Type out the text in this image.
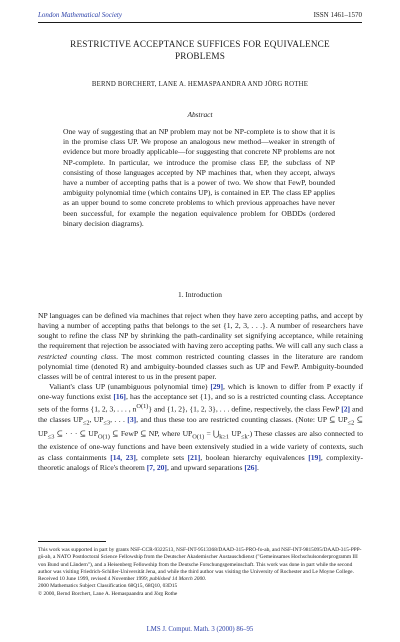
London Mathematical Society	ISSN 1461–1570
RESTRICTIVE ACCEPTANCE SUFFICES FOR EQUIVALENCE
PROBLEMS
BERND BORCHERT, LANE A. HEMASPAANDRA AND JÖRG ROTHE
Abstract
One way of suggesting that an NP problem may not be NP-complete is to show that it is in the promise class UP. We propose an analogous new method—weaker in strength of evidence but more broadly applicable—for suggesting that concrete NP problems are not NP-complete. In particular, we introduce the promise class EP, the subclass of NP consisting of those languages accepted by NP machines that, when they accept, always have a number of accepting paths that is a power of two. We show that FewP, bounded ambiguity polynomial time (which contains UP), is contained in EP. The class EP applies as an upper bound to some concrete problems to which previous approaches have never been successful, for example the negation equivalence problem for OBDDs (ordered binary decision diagrams).
1. Introduction

NP languages can be defined via machines that reject when they have zero accepting paths, and accept by having a number of accepting paths that belongs to the set {1, 2, 3, . . .}. A number of researchers have sought to refine the class NP by shrinking the path-cardinality set signifying acceptance, while retaining the requirement that rejection be associated with having zero accepting paths. We will call any such class a restricted counting class. The most common restricted counting classes in the literature are random polynomial time (denoted R) and ambiguity-bounded classes such as UP and FewP. Ambiguity-bounded classes will be of central interest to us in the present paper.

Valiant's class UP (unambiguous polynomial time) [29], which is known to differ from P exactly if one-way functions exist [16], has the acceptance set {1}, and so is a restricted counting class. Acceptance sets of the forms {1, 2, 3, . . . , $n^{O(1)}$} and {1, 2}, {1, 2, 3}, . . . define, respectively, the class FewP [2] and the classes $UP_{\le 2}$, $UP_{\le 3}$, . . . [3], and thus these too are restricted counting classes. (Note: UP ⊆ $UP_{\le 2}$ ⊆ $UP_{\le 3}$ ⊆ · · · ⊆ $UP_{O(1)}$ ⊆ FewP ⊆ NP, where $UP_{O(1)}$ = $⋃_{k\ge 1}$ $UP_{\le k}$.) These classes are also connected to the existence of one-way functions and have been extensively studied in a wide variety of contexts, such as class containments [14, 23], complete sets [21], boolean hierarchy equivalences [19], complexity-theoretic analogs of Rice's theorem [7, 20], and upward separations [26].

This work was supported in part by grants NSF-CCR-9322513, NSF-INT-9513368/DAAD-315-PRO-fo-ab, and NSF-INT-9815095/DAAD-315-PPP-gü-ab, a NATO Postdoctoral Science Fellowship from the Deutscher Akademischer Austauschdienst ("Gemeinsames Hochschulsonderprogramm III von Bund und Ländern"), and a Heisenberg Fellowship from the Deutsche Forschungsgemeinschaft. This work was done in part while the second author was visiting Friedrich-Schiller-Universität Jena, and while the third author was visiting the University of Rochester and Le Moyne College.

Received 10 June 1999, revised 4 November 1999; published 14 March 2000.

2000 Mathematics Subject Classification 68Q15, 68Q10, 03D15

© 2000, Bernd Borchert, Lane A. Hemaspaandra and Jörg Rothe

LMS J. Comput. Math. 3 (2000) 86–95
